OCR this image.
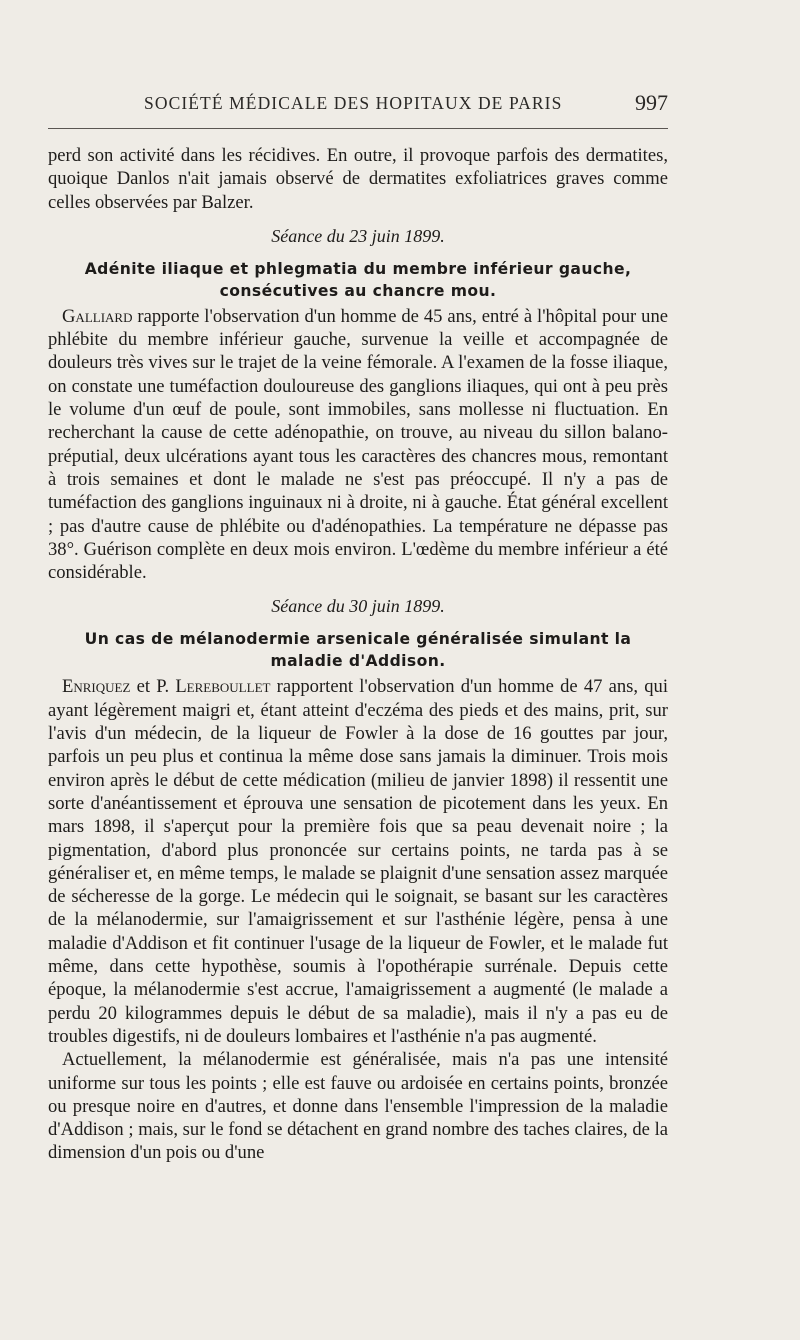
SOCIÉTÉ MÉDICALE DES HOPITAUX DE PARIS	997

perd son activité dans les récidives. En outre, il provoque parfois des dermatites, quoique Danlos n'ait jamais observé de dermatites exfoliatrices graves comme celles observées par Balzer.

Séance du 23 juin 1899.

Adénite iliaque et phlegmatia du membre inférieur gauche, consécutives au chancre mou.

Galliard rapporte l'observation d'un homme de 45 ans, entré à l'hôpital pour une phlébite du membre inférieur gauche, survenue la veille et accompagnée de douleurs très vives sur le trajet de la veine fémorale. A l'examen de la fosse iliaque, on constate une tuméfaction douloureuse des ganglions iliaques, qui ont à peu près le volume d'un œuf de poule, sont immobiles, sans mollesse ni fluctuation. En recherchant la cause de cette adénopathie, on trouve, au niveau du sillon balano-préputial, deux ulcérations ayant tous les caractères des chancres mous, remontant à trois semaines et dont le malade ne s'est pas préoccupé. Il n'y a pas de tuméfaction des ganglions inguinaux ni à droite, ni à gauche. État général excellent ; pas d'autre cause de phlébite ou d'adénopathies. La température ne dépasse pas 38°. Guérison complète en deux mois environ. L'œdème du membre inférieur a été considérable.

Séance du 30 juin 1899.

Un cas de mélanodermie arsenicale généralisée simulant la maladie d'Addison.

Enriquez et P. Lereboullet rapportent l'observation d'un homme de 47 ans, qui ayant légèrement maigri et, étant atteint d'eczéma des pieds et des mains, prit, sur l'avis d'un médecin, de la liqueur de Fowler à la dose de 16 gouttes par jour, parfois un peu plus et continua la même dose sans jamais la diminuer. Trois mois environ après le début de cette médication (milieu de janvier 1898) il ressentit une sorte d'anéantissement et éprouva une sensation de picotement dans les yeux. En mars 1898, il s'aperçut pour la première fois que sa peau devenait noire ; la pigmentation, d'abord plus prononcée sur certains points, ne tarda pas à se généraliser et, en même temps, le malade se plaignit d'une sensation assez marquée de sécheresse de la gorge. Le médecin qui le soignait, se basant sur les caractères de la mélanodermie, sur l'amaigrissement et sur l'asthénie légère, pensa à une maladie d'Addison et fit continuer l'usage de la liqueur de Fowler, et le malade fut même, dans cette hypothèse, soumis à l'opothérapie surrénale. Depuis cette époque, la mélanodermie s'est accrue, l'amaigrissement a augmenté (le malade a perdu 20 kilogrammes depuis le début de sa maladie), mais il n'y a pas eu de troubles digestifs, ni de douleurs lombaires et l'asthénie n'a pas augmenté.

Actuellement, la mélanodermie est généralisée, mais n'a pas une intensité uniforme sur tous les points ; elle est fauve ou ardoisée en certains points, bronzée ou presque noire en d'autres, et donne dans l'ensemble l'impression de la maladie d'Addison ; mais, sur le fond se détachent en grand nombre des taches claires, de la dimension d'un pois ou d'une
